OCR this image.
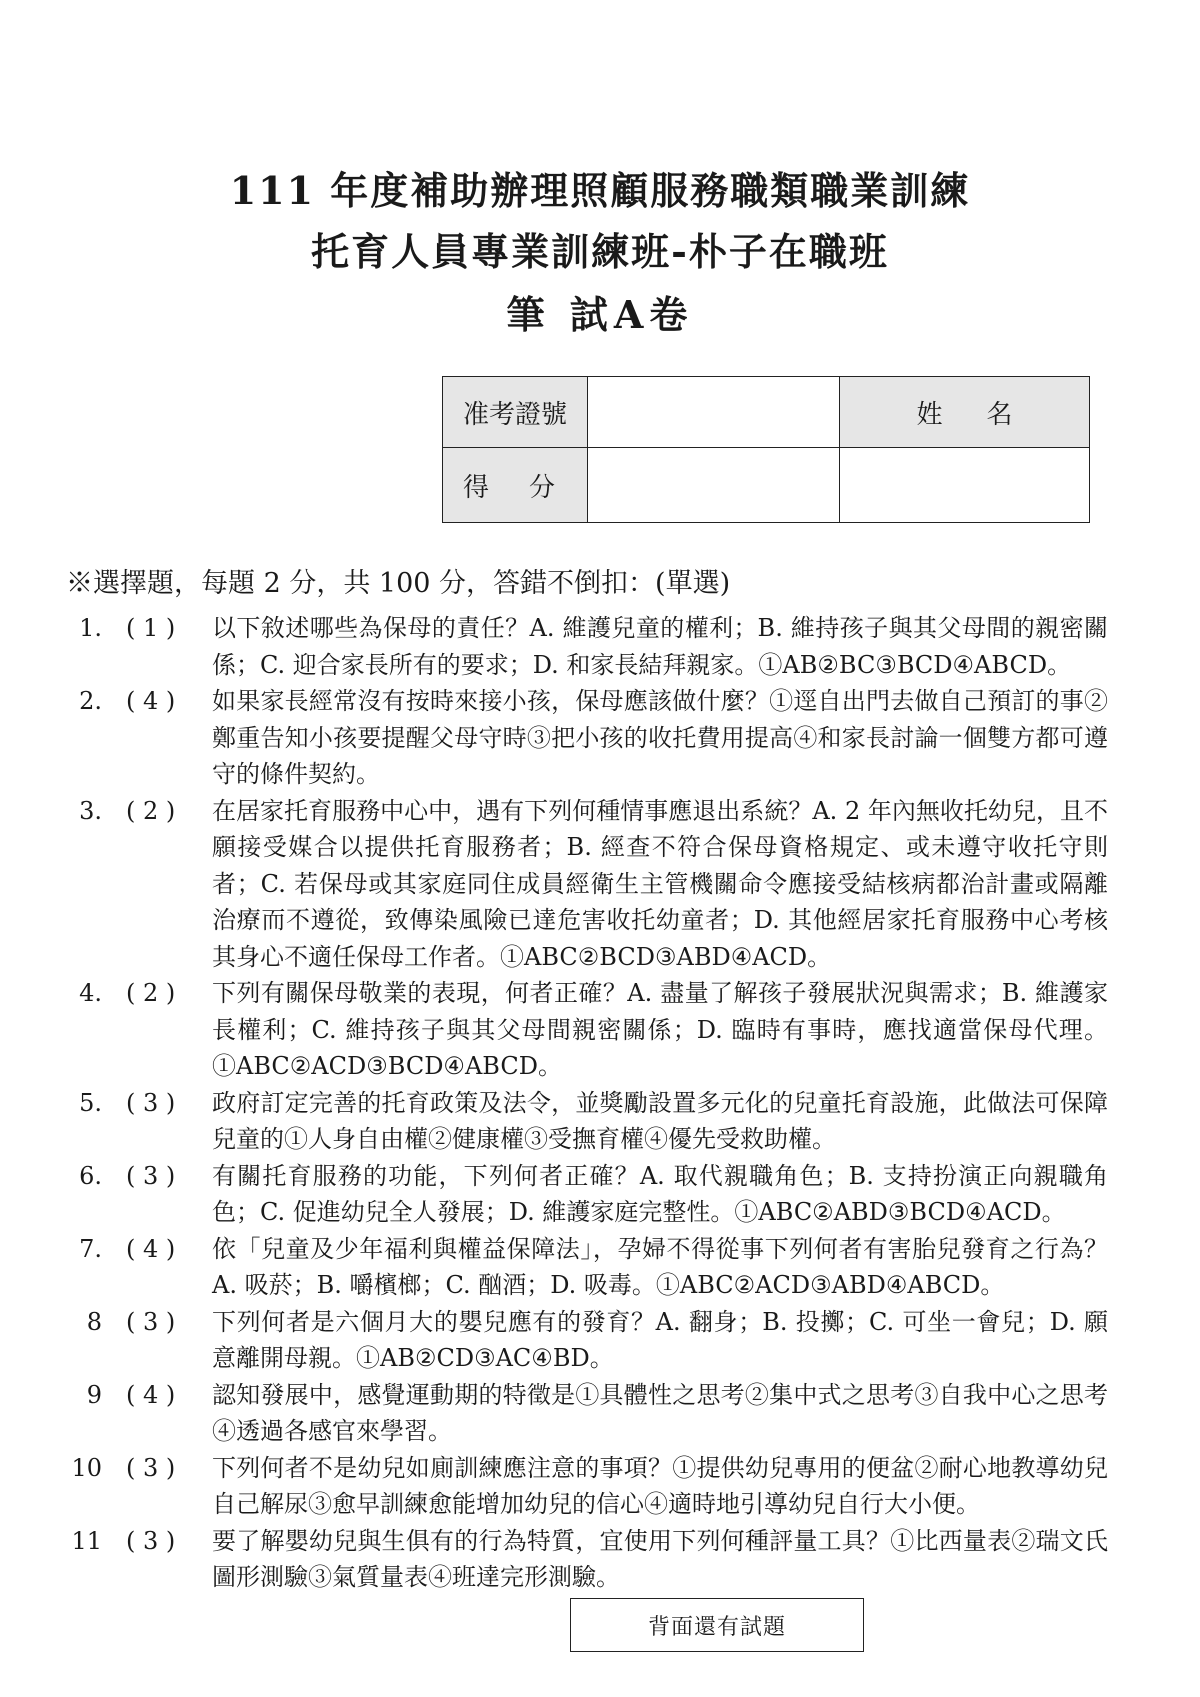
111 年度補助辦理照顧服務職類職業訓練
托育人員專業訓練班-朴子在職班
筆 試A卷
准考證號		姓 名

得 分		

※選擇題，每題 2 分，共 100 分，答錯不倒扣：(單選)
1.	( 1 )	以下敘述哪些為保母的責任？A. 維護兒童的權利；B. 維持孩子與其父母間的親密關係；C. 迎合家長所有的要求；D. 和家長結拜親家。①AB②BC③BCD④ABCD。
2.	( 4 )	如果家長經常沒有按時來接小孩，保母應該做什麼？①逕自出門去做自己預訂的事②鄭重告知小孩要提醒父母守時③把小孩的收托費用提高④和家長討論一個雙方都可遵守的條件契約。
3.	( 2 )	在居家托育服務中心中，遇有下列何種情事應退出系統？A. 2 年內無收托幼兒，且不願接受媒合以提供托育服務者；B. 經查不符合保母資格規定、或未遵守收托守則者；C. 若保母或其家庭同住成員經衛生主管機關命令應接受結核病都治計畫或隔離治療而不遵從，致傳染風險已達危害收托幼童者；D. 其他經居家托育服務中心考核其身心不適任保母工作者。①ABC②BCD③ABD④ACD。
4.	( 2 )	下列有關保母敬業的表現，何者正確？A. 盡量了解孩子發展狀況與需求；B. 維護家長權利；C. 維持孩子與其父母間親密關係；D. 臨時有事時，應找適當保母代理。①ABC②ACD③BCD④ABCD。
5.	( 3 )	政府訂定完善的托育政策及法令，並獎勵設置多元化的兒童托育設施，此做法可保障兒童的①人身自由權②健康權③受撫育權④優先受救助權。
6.	( 3 )	有關托育服務的功能，下列何者正確？A. 取代親職角色；B. 支持扮演正向親職角色；C. 促進幼兒全人發展；D. 維護家庭完整性。①ABC②ABD③BCD④ACD。
7.	( 4 )	依「兒童及少年福利與權益保障法」，孕婦不得從事下列何者有害胎兒發育之行為？A. 吸菸；B. 嚼檳榔；C. 酗酒；D. 吸毒。①ABC②ACD③ABD④ABCD。
8	( 3 )	下列何者是六個月大的嬰兒應有的發育？A. 翻身；B. 投擲；C. 可坐一會兒；D. 願意離開母親。①AB②CD③AC④BD。
9	( 4 )	認知發展中，感覺運動期的特徵是①具體性之思考②集中式之思考③自我中心之思考④透過各感官來學習。
10	( 3 )	下列何者不是幼兒如廁訓練應注意的事項？①提供幼兒專用的便盆②耐心地教導幼兒自己解尿③愈早訓練愈能增加幼兒的信心④適時地引導幼兒自行大小便。
11	( 3 )	要了解嬰幼兒與生俱有的行為特質，宜使用下列何種評量工具？①比西量表②瑞文氏圖形測驗③氣質量表④班達完形測驗。
背面還有試題
